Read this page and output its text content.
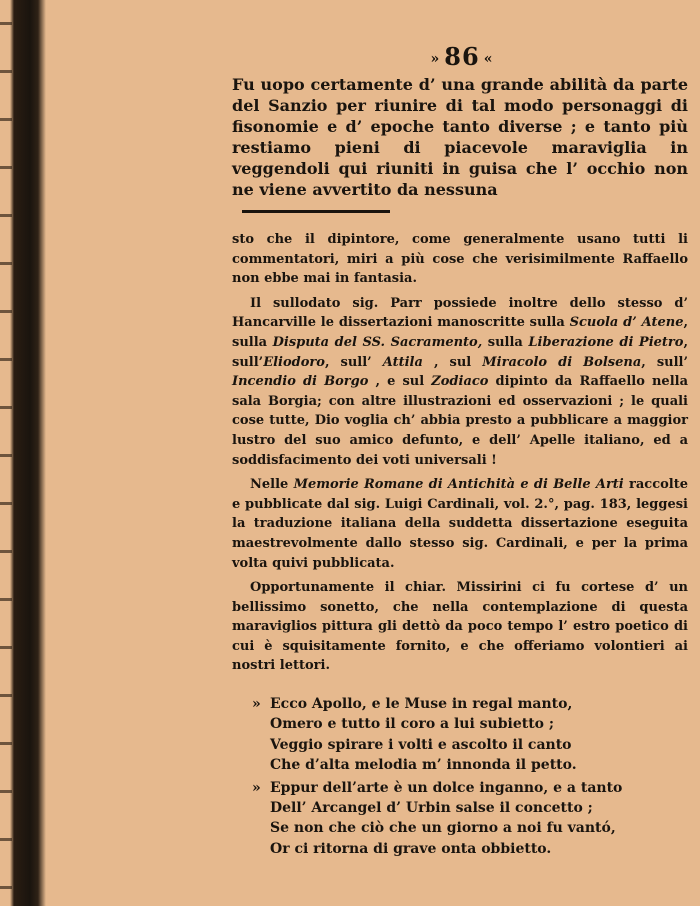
» 86 «
Fu uopo certamente d’ una grande abilità da parte del Sanzio per riunire di tal modo personaggi di fisonomie e d’ epoche tanto diverse ; e tanto più restiamo pieni di piacevole maraviglia in veggendoli qui riuniti in guisa che l’ occhio non ne viene avvertito da nessuna

sto che il dipintore, come generalmente usano tutti li commentatori, miri a più cose che verisimilmente Raffaello non ebbe mai in fantasia.

Il sullodato sig. Parr possiede inoltre dello stesso d’ Hancarville le dissertazioni manoscritte sulla Scuola d’ Atene, sulla Disputa del SS. Sacramento, sulla Liberazione di Pietro, sull’Eliodoro, sull’ Attila , sul Miracolo di Bolsena, sull’ Incendio di Borgo , e sul Zodiaco dipinto da Raffaello nella sala Borgia; con altre illustrazioni ed osservazioni ; le quali cose tutte, Dio voglia ch’ abbia presto a pubblicare a maggior lustro del suo amico defunto, e dell’ Apelle italiano, ed a soddisfacimento dei voti universali !

Nelle Memorie Romane di Antichità e di Belle Arti raccolte e pubblicate dal sig. Luigi Cardinali, vol. 2.°, pag. 183, leggesi la traduzione italiana della suddetta dissertazione eseguita maestrevolmente dallo stesso sig. Cardinali, e per la prima volta quivi pubblicata.

Opportunamente il chiar. Missirini ci fu cortese d’ un bellissimo sonetto, che nella contemplazione di questa maraviglios pittura gli dettò da poco tempo l’ estro poetico di cui è squisitamente fornito, e che offeriamo volontieri ai nostri lettori.

» Ecco Apollo, e le Muse in regal manto,
Omero e tutto il coro a lui subietto ;
Veggio spirare i volti e ascolto il canto
Che d’alta melodia m’ innonda il petto.
» Eppur dell’arte è un dolce inganno, e a tanto
Dell’ Arcangel d’ Urbin salse il concetto ;
Se non che ciò che un giorno a noi fu vantó,
Or ci ritorna di grave onta obbietto.
